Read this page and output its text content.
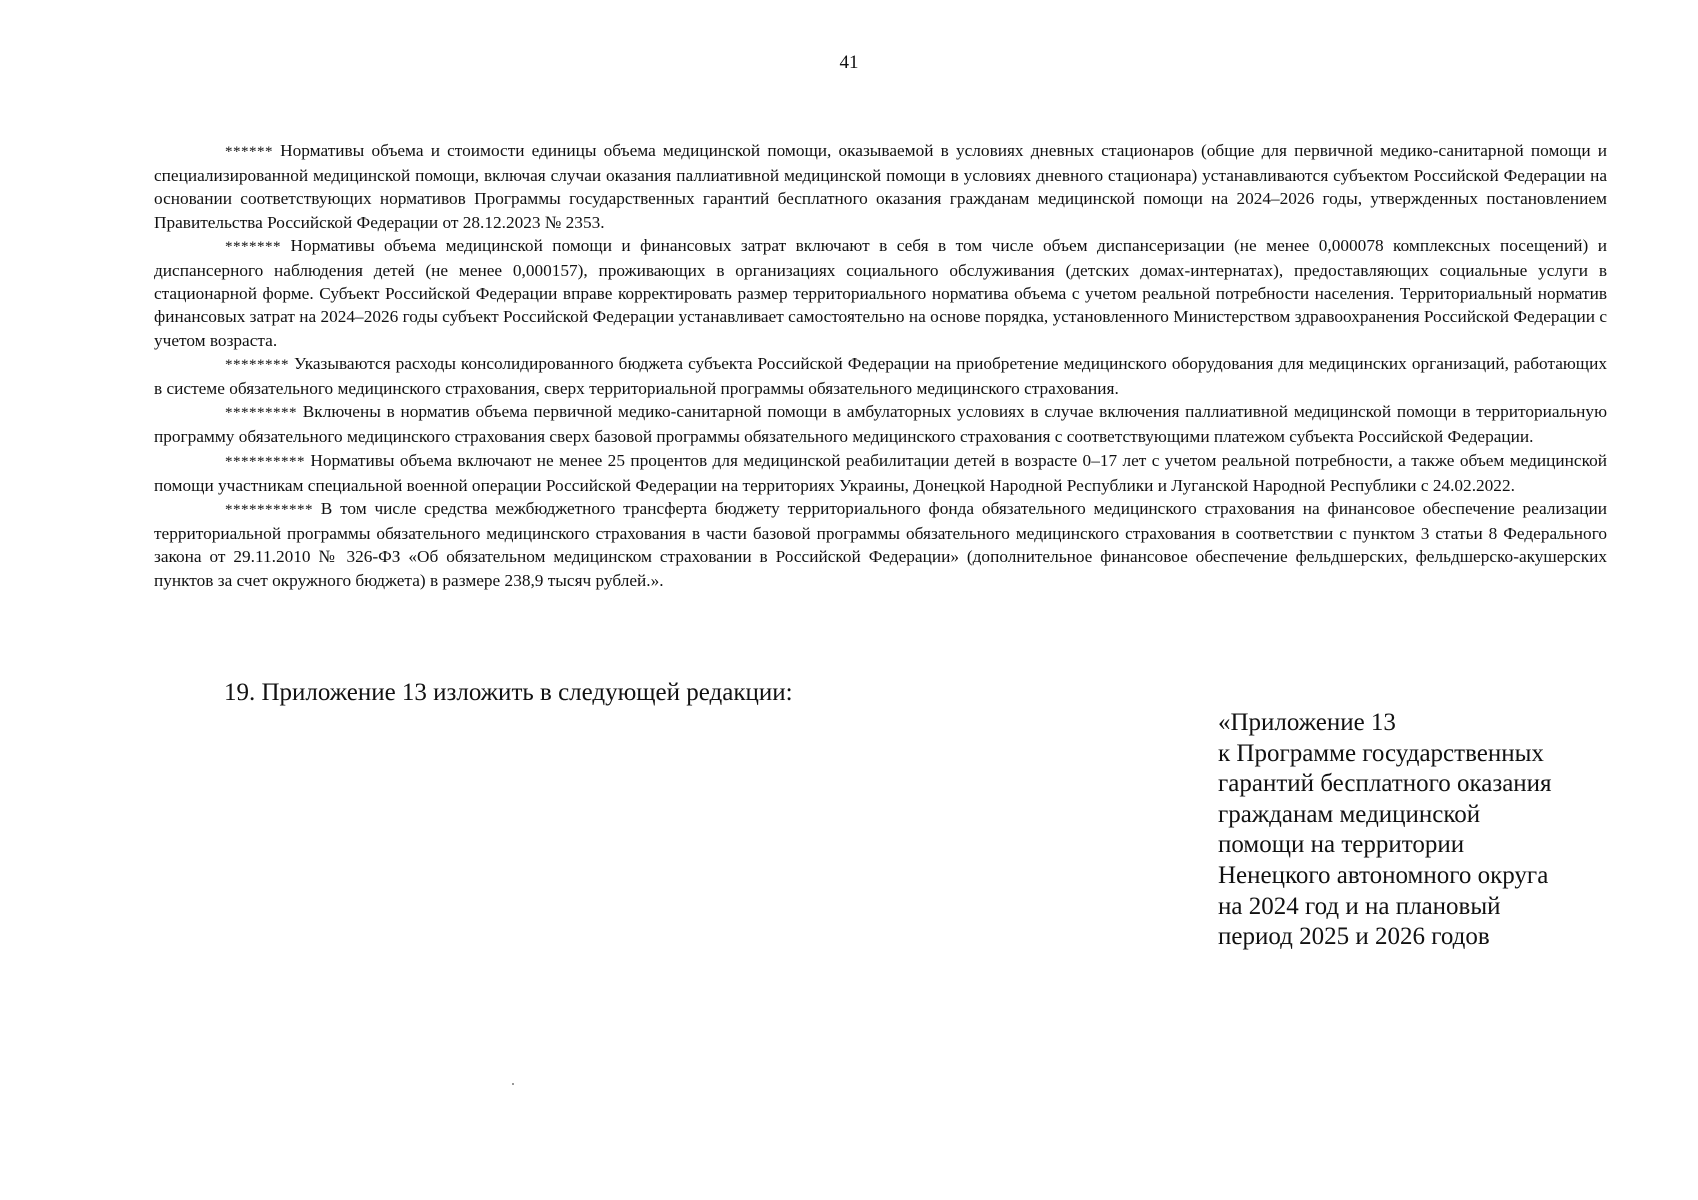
41

****** Нормативы объема и стоимости единицы объема медицинской помощи, оказываемой в условиях дневных стационаров (общие для первичной медико-санитарной помощи и специализированной медицинской помощи, включая случаи оказания паллиативной медицинской помощи в условиях дневного стационара) устанавливаются субъектом Российской Федерации на основании соответствующих нормативов Программы государственных гарантий бесплатного оказания гражданам медицинской помощи на 2024–2026 годы, утвержденных постановлением Правительства Российской Федерации от 28.12.2023 № 2353.

******* Нормативы объема медицинской помощи и финансовых затрат включают в себя в том числе объем диспансеризации (не менее 0,000078 комплексных посещений) и диспансерного наблюдения детей (не менее 0,000157), проживающих в организациях социального обслуживания (детских домах-интернатах), предоставляющих социальные услуги в стационарной форме. Субъект Российской Федерации вправе корректировать размер территориального норматива объема с учетом реальной потребности населения. Территориальный норматив финансовых затрат на 2024–2026 годы субъект Российской Федерации устанавливает самостоятельно на основе порядка, установленного Министерством здравоохранения Российской Федерации с учетом возраста.

******** Указываются расходы консолидированного бюджета субъекта Российской Федерации на приобретение медицинского оборудования для медицинских организаций, работающих в системе обязательного медицинского страхования, сверх территориальной программы обязательного медицинского страхования.

********* Включены в норматив объема первичной медико-санитарной помощи в амбулаторных условиях в случае включения паллиативной медицинской помощи в территориальную программу обязательного медицинского страхования сверх базовой программы обязательного медицинского страхования с соответствующими платежом субъекта Российской Федерации.

********** Нормативы объема включают не менее 25 процентов для медицинской реабилитации детей в возрасте 0–17 лет с учетом реальной потребности, а также объем медицинской помощи участникам специальной военной операции Российской Федерации на территориях Украины, Донецкой Народной Республики и Луганской Народной Республики с 24.02.2022.

*********** В том числе средства межбюджетного трансферта бюджету территориального фонда обязательного медицинского страхования на финансовое обеспечение реализации территориальной программы обязательного медицинского страхования в части базовой программы обязательного медицинского страхования в соответствии с пунктом 3 статьи 8 Федерального закона от 29.11.2010 № 326-ФЗ «Об обязательном медицинском страховании в Российской Федерации» (дополнительное финансовое обеспечение фельдшерских, фельдшерско-акушерских пунктов за счет окружного бюджета) в размере 238,9 тысяч рублей.».

19. Приложение 13 изложить в следующей редакции:
«Приложение 13
к Программе государственных
гарантий бесплатного оказания
гражданам медицинской
помощи на территории
Ненецкого автономного округа
на 2024 год и на плановый
период 2025 и 2026 годов
